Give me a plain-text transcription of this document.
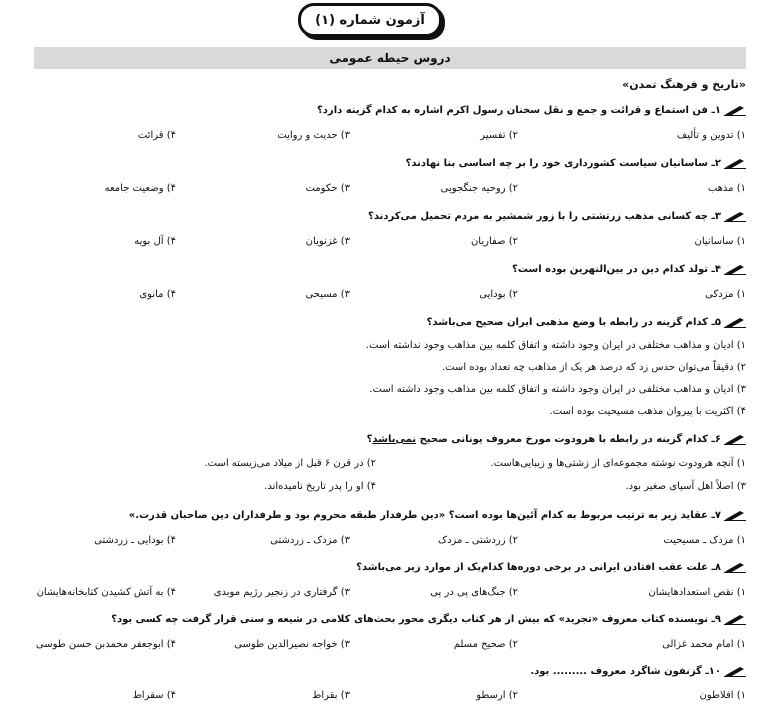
آزمون شماره (۱)
دروس حیطه عمومی
«تاریخ و فرهنگ تمدن»
۱ـ فن استماع و قرائت و جمع و نقل سخنان رسول اکرم اشاره به کدام گزینه دارد؟
۱) تدوین و تألیف
۲) تفسیر
۳) حدیث و روایت
۴) قرائت
۲ـ ساسانیان سیاست کشورداری خود را بر چه اساسی بنا نهادند؟
۱) مذهب
۲) روحیه جنگجویی
۳) حکومت
۴) وضعیت جامعه
۳ـ چه کسانی مذهب زرتشتی را با زور شمشیر به مردم تحمیل می‌کردند؟
۱) ساسانیان
۲) صفاریان
۳) غزنویان
۴) آل بویه
۴ـ تولد کدام دین در بین‌النهرین بوده است؟
۱) مزدکی
۲) بودایی
۳) مسیحی
۴) مانوی
۵ـ کدام گزینه در رابطه با وضع مذهبی ایران صحیح می‌باشد؟
۱) ادیان و مذاهب مختلفی در ایران وجود داشته و اتفاق کلمه بین مذاهب وجود نداشته است.
۲) دقیقاً می‌توان حدس زد که درصد هر یک از مذاهب چه تعداد بوده است.
۳) ادیان و مذاهب مختلفی در ایران وجود داشته و اتفاق کلمه بین مذاهب وجود داشته است.
۴) اکثریت با پیروان مذهب مسیحیت بوده است.
۶ـ کدام گزینه در رابطه با هرودوت مورخ معروف یونانی صحیح نمی‌باشد؟
۱) آنچه هرودوت نوشته مجموعه‌ای از زشتی‌ها و زیبایی‌هاست.
۲) در قرن ۶ قبل از میلاد می‌زیسته است.
۳) اصلاً اهل آسیای صغیر بود.
۴) او را پدر تاریخ نامیده‌اند.
۷ـ عقاید زیر به ترتیب مربوط به کدام آئین‌ها بوده است؟ «دین طرفدار طبقه محروم بود و طرفداران دین صاحبان قدرت.»
۱) مزدک ـ مسیحیت
۲) زردشتی ـ مزدک
۳) مزدک ـ زردشتی
۴) بودایی ـ زردشتی
۸ـ علت عقب افتادن ایرانی در برخی دوره‌ها کدام‌یک از موارد زیر می‌باشد؟
۱) نقص استعدادهایشان
۲) جنگ‌های پی در پی
۳) گرفتاری در زنجیر رژیم موبدی
۴) به آتش کشیدن کتابخانه‌هایشان
۹ـ نویسنده کتاب معروف «تجرید» که بیش از هر کتاب دیگری محور بحث‌های کلامی در شیعه و سنی قرار گرفت چه کسی بود؟
۱) امام محمد غزالی
۲) صحیح مسلم
۳) خواجه نصیرالدین طوسی
۴) ابوجعفر محمدبن حسن طوسی
۱۰ـ گزنفون شاگرد معروف ......... بود.
۱) افلاطون
۲) ارسطو
۳) بقراط
۴) سقراط
